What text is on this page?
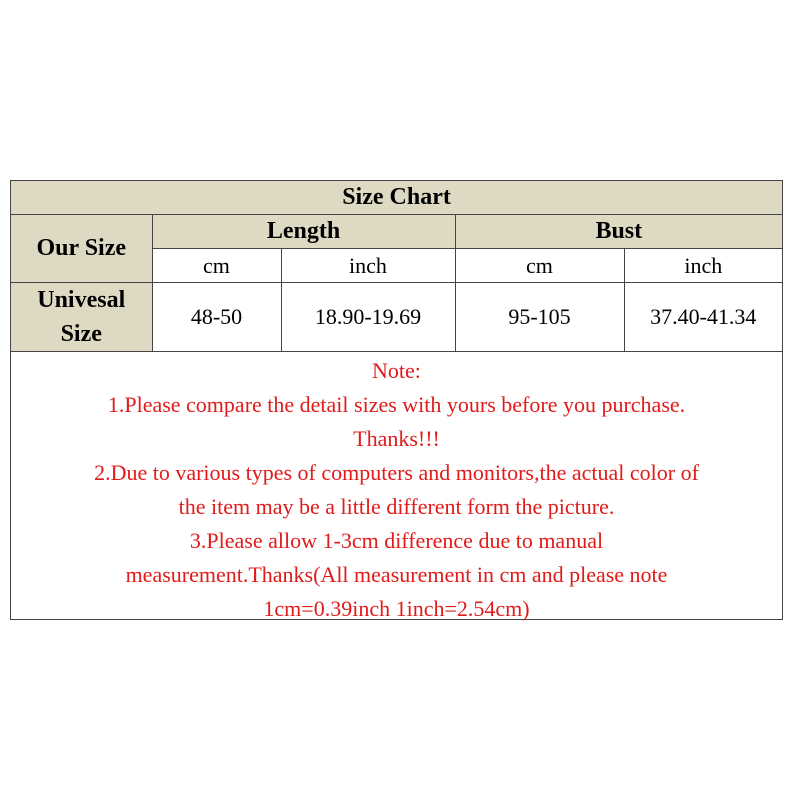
Size Chart				
Our Size	Length		Bust	
	cm	inch	cm	inch

Univesal
Size	48-50	18.90-19.69	95-105	37.40-41.34
Note:
1.Please compare the detail sizes with yours before you purchase.
Thanks!!!
2.Due to various types of computers and monitors,the actual color of
the item may be a little different form the picture.
3.Please allow 1-3cm difference due to manual
measurement.Thanks(All measurement in cm and please note
1cm=0.39inch 1inch=2.54cm)
